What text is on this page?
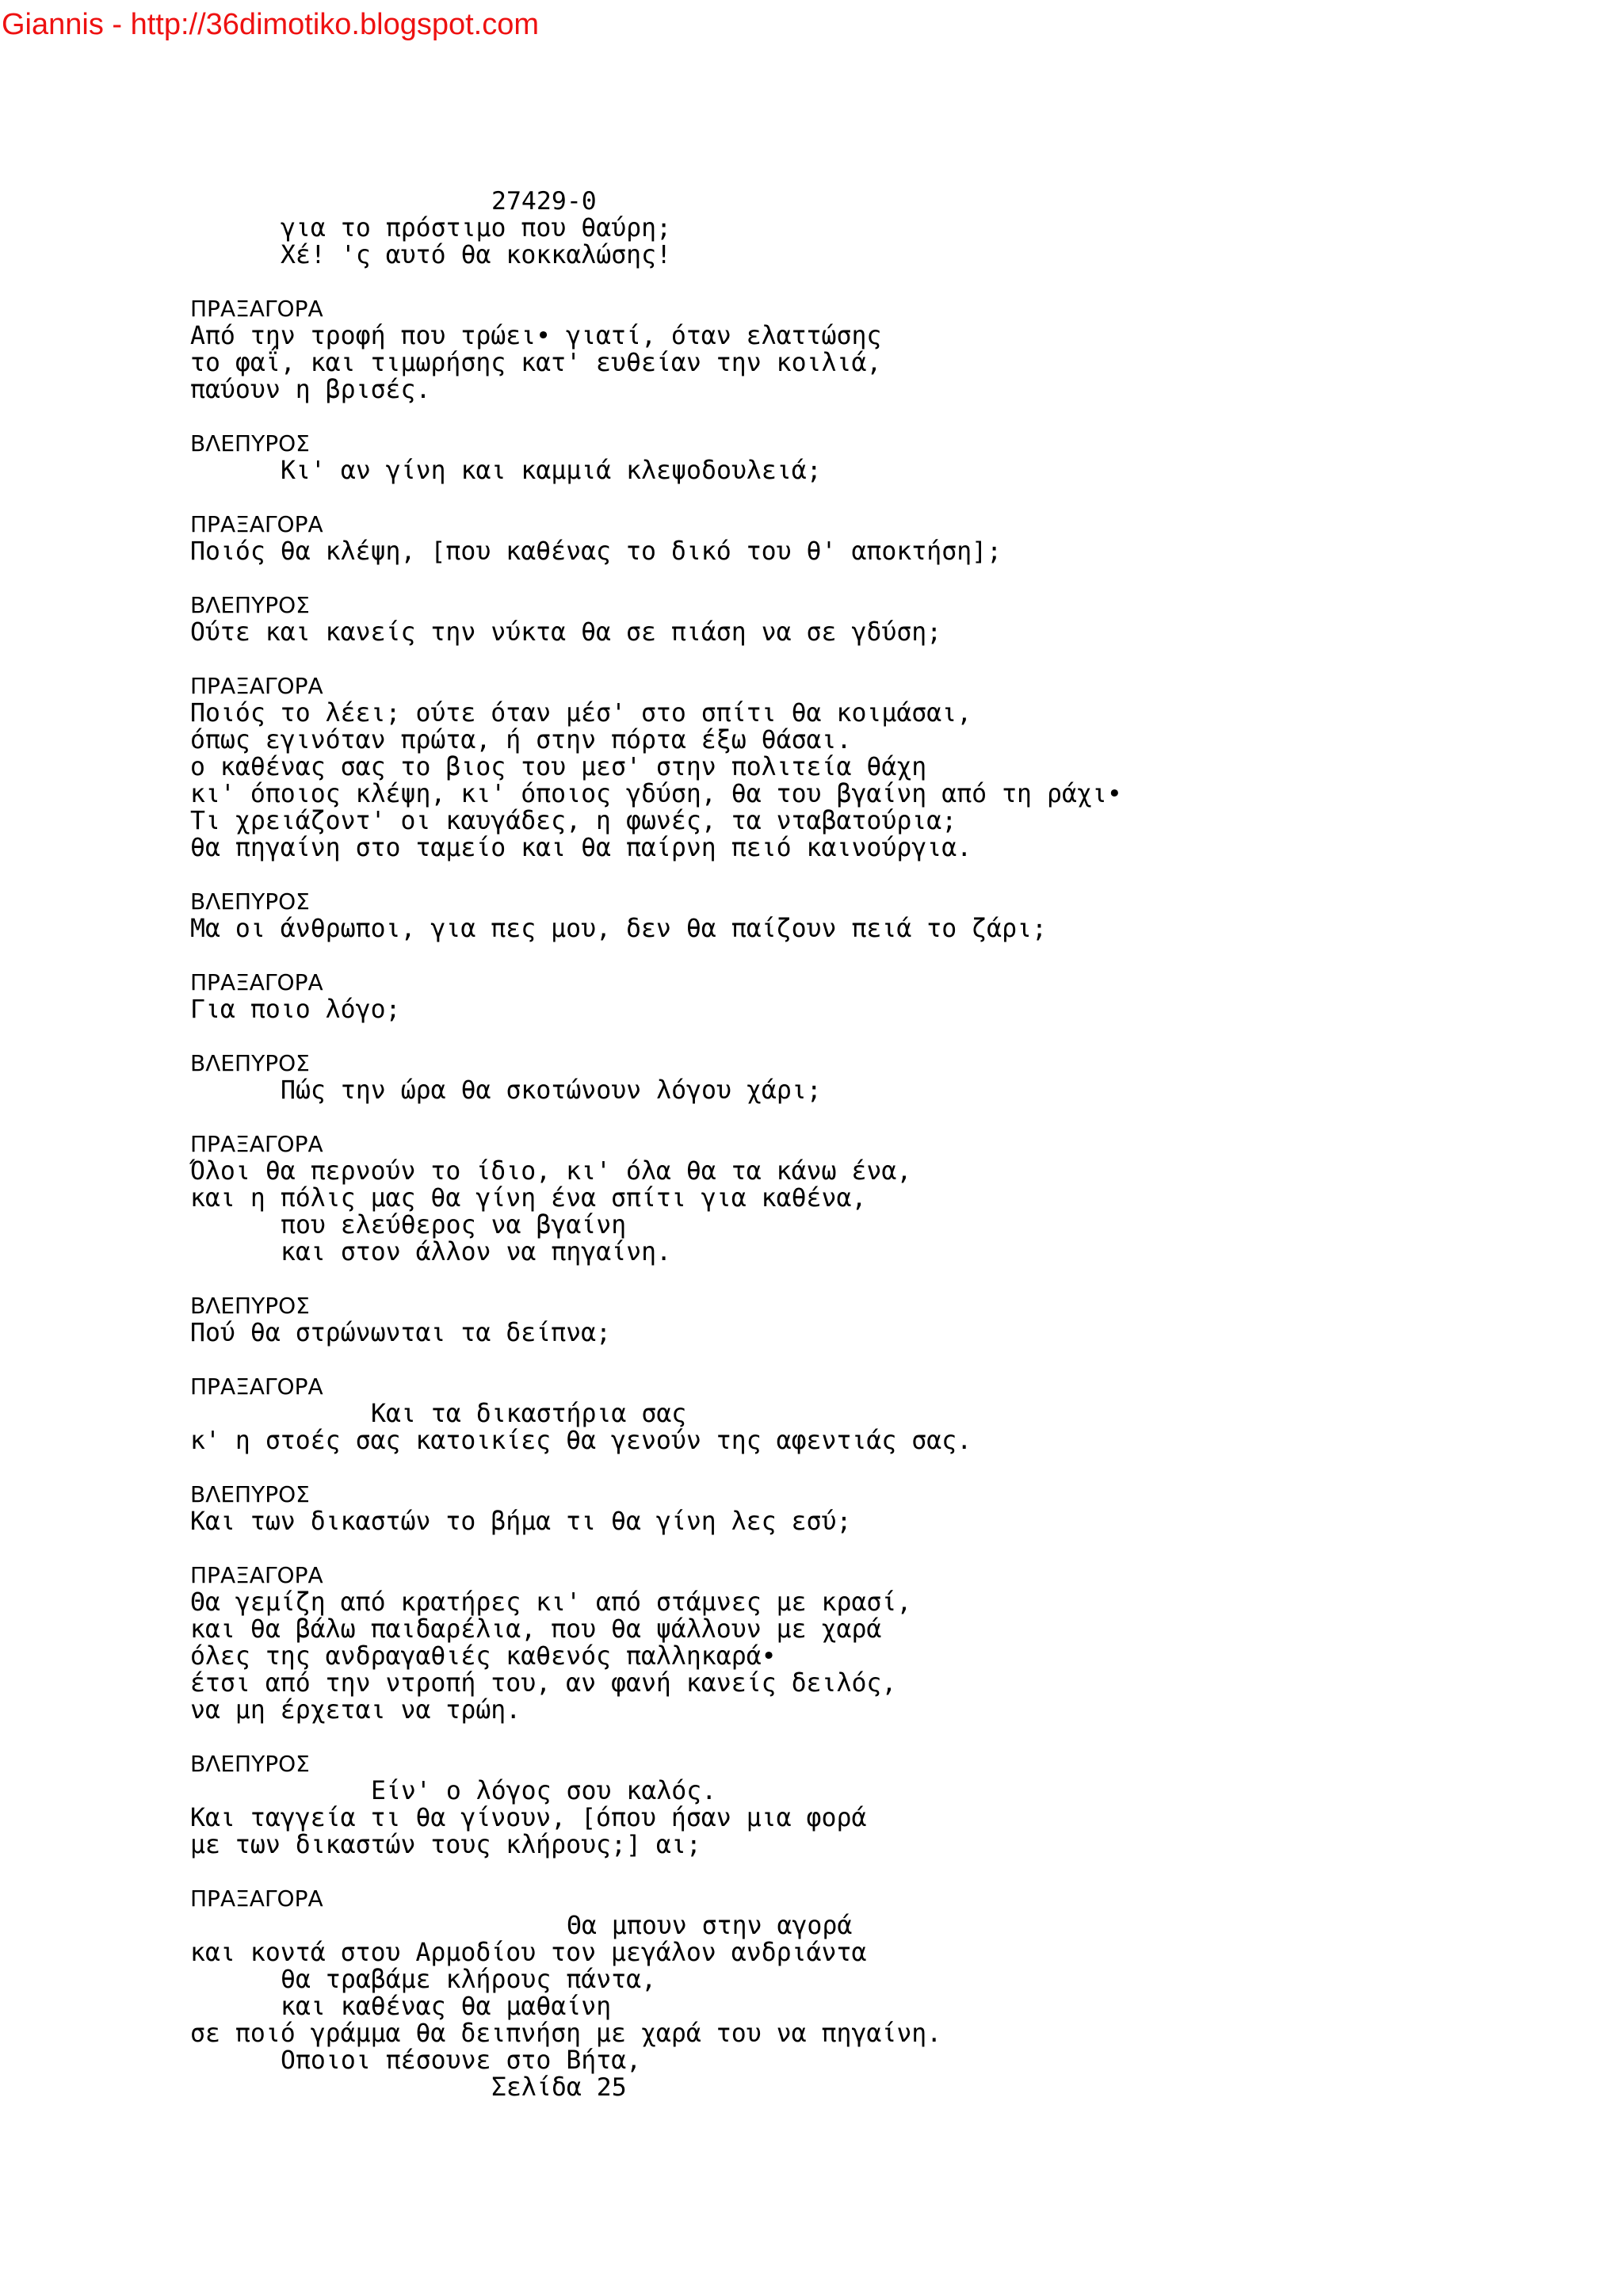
Giannis - http://36dimotiko.blogspot.com
27429-0
για το πρόστιμο που θαύρη;
Χέ! 'ς αυτό θα κοκκαλώσης!
ΠΡΑΞΑΓΟΡΑ
Από την τροφή που τρώει• γιατί, όταν ελαττώσης
το φαΐ, και τιμωρήσης κατ' ευθείαν την κοιλιά,
παύουν η βρισές.
ΒΛΕΠΥΡΟΣ
Κι' αν γίνη και καμμιά κλεψοδουλειά;
ΠΡΑΞΑΓΟΡΑ
Ποιός θα κλέψη, [που καθένας το δικό του θ' αποκτήση];
ΒΛΕΠΥΡΟΣ
Ούτε και κανείς την νύκτα θα σε πιάση να σε γδύση;
ΠΡΑΞΑΓΟΡΑ
Ποιός το λέει; ούτε όταν μέσ' στο σπίτι θα κοιμάσαι,
όπως εγινόταν πρώτα, ή στην πόρτα έξω θάσαι.
ο καθένας σας το βιος του μεσ' στην πολιτεία θάχη
κι' όποιος κλέψη, κι' όποιος γδύση, θα του βγαίνη από τη ράχι•
Τι χρειάζοντ' οι καυγάδες, η φωνές, τα νταβατούρια;
θα πηγαίνη στο ταμείο και θα παίρνη πειό καινούργια.
ΒΛΕΠΥΡΟΣ
Μα οι άνθρωποι, για πες μου, δεν θα παίζουν πειά το ζάρι;
ΠΡΑΞΑΓΟΡΑ
Για ποιο λόγο;
ΒΛΕΠΥΡΟΣ
Πώς την ώρα θα σκοτώνουν λόγου χάρι;
ΠΡΑΞΑΓΟΡΑ
Όλοι θα περνούν το ίδιο, κι' όλα θα τα κάνω ένα,
και η πόλις μας θα γίνη ένα σπίτι για καθένα,
που ελεύθερος να βγαίνη
και στον άλλον να πηγαίνη.
ΒΛΕΠΥΡΟΣ
Πού θα στρώνωνται τα δείπνα;
ΠΡΑΞΑΓΟΡΑ
Και τα δικαστήρια σας
κ' η στοές σας κατοικίες θα γενούν της αφεντιάς σας.
ΒΛΕΠΥΡΟΣ
Και των δικαστών το βήμα τι θα γίνη λες εσύ;
ΠΡΑΞΑΓΟΡΑ
Θα γεμίζη από κρατήρες κι' από στάμνες με κρασί,
και θα βάλω παιδαρέλια, που θα ψάλλουν με χαρά
όλες της ανδραγαθιές καθενός παλληκαρά•
έτσι από την ντροπή του, αν φανή κανείς δειλός,
να μη έρχεται να τρώη.
ΒΛΕΠΥΡΟΣ
Είν' ο λόγος σου καλός.
Και ταγγεία τι θα γίνουν, [όπου ήσαν μια φορά
με των δικαστών τους κλήρους;] αι;
ΠΡΑΞΑΓΟΡΑ
Θα μπουν στην αγορά
και κοντά στου Αρμοδίου τον μεγάλον ανδριάντα
θα τραβάμε κλήρους πάντα,
και καθένας θα μαθαίνη
σε ποιό γράμμα θα δειπνήση με χαρά του να πηγαίνη.
Οποιοι πέσουνε στο Βήτα,
Σελίδα 25
